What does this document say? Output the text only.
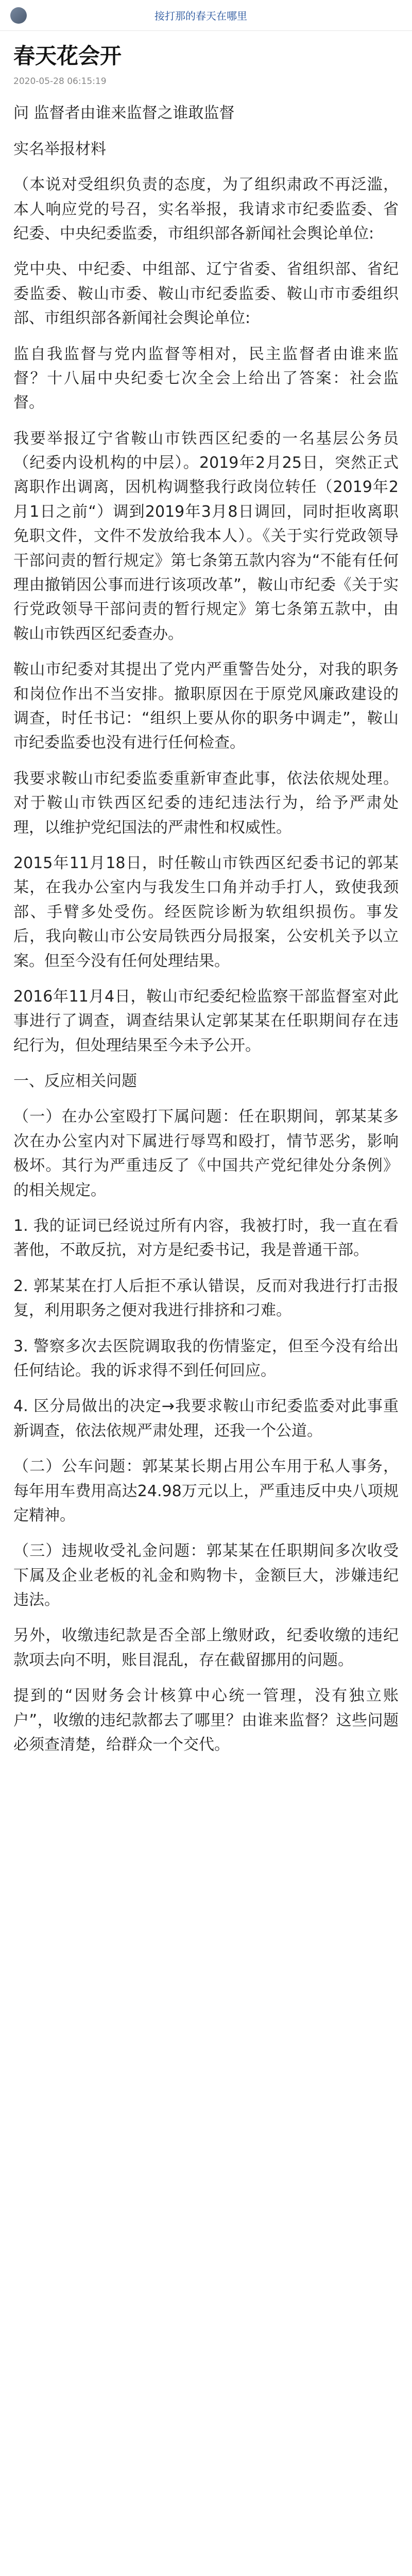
接打那的春天在哪里
春天花会开
2020-05-28 06:15:19

问 监督者由谁来监督之谁敢监督

实名举报材料

（本说对受组织负责的态度，为了组织肃政不再泛滥，本人响应党的号召，实名举报，我请求市纪委监委、省纪委、中央纪委监委，市组织部各新闻社会舆论单位:

党中央、中纪委、中组部、辽宁省委、省组织部、省纪委监委、鞍山市委、鞍山市纪委监委、鞍山市市委组织部、市组织部各新闻社会舆论单位:

监自我监督与党内监督等相对，民主监督者由谁来监督？十八届中央纪委七次全会上给出了答案：社会监督。

我要举报辽宁省鞍山市铁西区纪委的一名基层公务员（纪委内设机构的中层）。2019年2月25日，突然正式离职作出调离，因机构调整我行政岗位转任（2019年2月1日之前“）调到2019年3月8日调回，同时拒收离职免职文件，文件不发放给我本人）。《关于实行党政领导干部问责的暂行规定》第七条第五款内容为“不能有任何理由撤销因公事而进行该项改革”，鞍山市纪委《关于实行党政领导干部问责的暂行规定》第七条第五款中，由鞍山市铁西区纪委查办。

鞍山市纪委对其提出了党内严重警告处分，对我的职务和岗位作出不当安排。撤职原因在于原党风廉政建设的调查，时任书记：“组织上要从你的职务中调走”，鞍山市纪委监委也没有进行任何检查。

我要求鞍山市纪委监委重新审查此事，依法依规处理。对于鞍山市铁西区纪委的违纪违法行为，给予严肃处理，以维护党纪国法的严肃性和权威性。

2015年11月18日，时任鞍山市铁西区纪委书记的郭某某，在我办公室内与我发生口角并动手打人，致使我颈部、手臂多处受伤。经医院诊断为软组织损伤。事发后，我向鞍山市公安局铁西分局报案，公安机关予以立案。但至今没有任何处理结果。

2016年11月4日，鞍山市纪委纪检监察干部监督室对此事进行了调查，调查结果认定郭某某在任职期间存在违纪行为，但处理结果至今未予公开。

一、反应相关问题

（一）在办公室殴打下属问题：任在职期间，郭某某多次在办公室内对下属进行辱骂和殴打，情节恶劣，影响极坏。其行为严重违反了《中国共产党纪律处分条例》的相关规定。

1. 我的证词已经说过所有内容，我被打时，我一直在看著他，不敢反抗，对方是纪委书记，我是普通干部。

2. 郭某某在打人后拒不承认错误，反而对我进行打击报复，利用职务之便对我进行排挤和刁难。

3. 警察多次去医院调取我的伤情鉴定，但至今没有给出任何结论。我的诉求得不到任何回应。

4. 区分局做出的决定→我要求鞍山市纪委监委对此事重新调查，依法依规严肃处理，还我一个公道。

（二）公车问题：郭某某长期占用公车用于私人事务，每年用车费用高达24.98万元以上，严重违反中央八项规定精神。

（三）违规收受礼金问题：郭某某在任职期间多次收受下属及企业老板的礼金和购物卡，金额巨大，涉嫌违纪违法。

另外，收缴违纪款是否全部上缴财政，纪委收缴的违纪款项去向不明，账目混乱，存在截留挪用的问题。

提到的“因财务会计核算中心统一管理，没有独立账户”，收缴的违纪款都去了哪里？由谁来监督？这些问题必须查清楚，给群众一个交代。
